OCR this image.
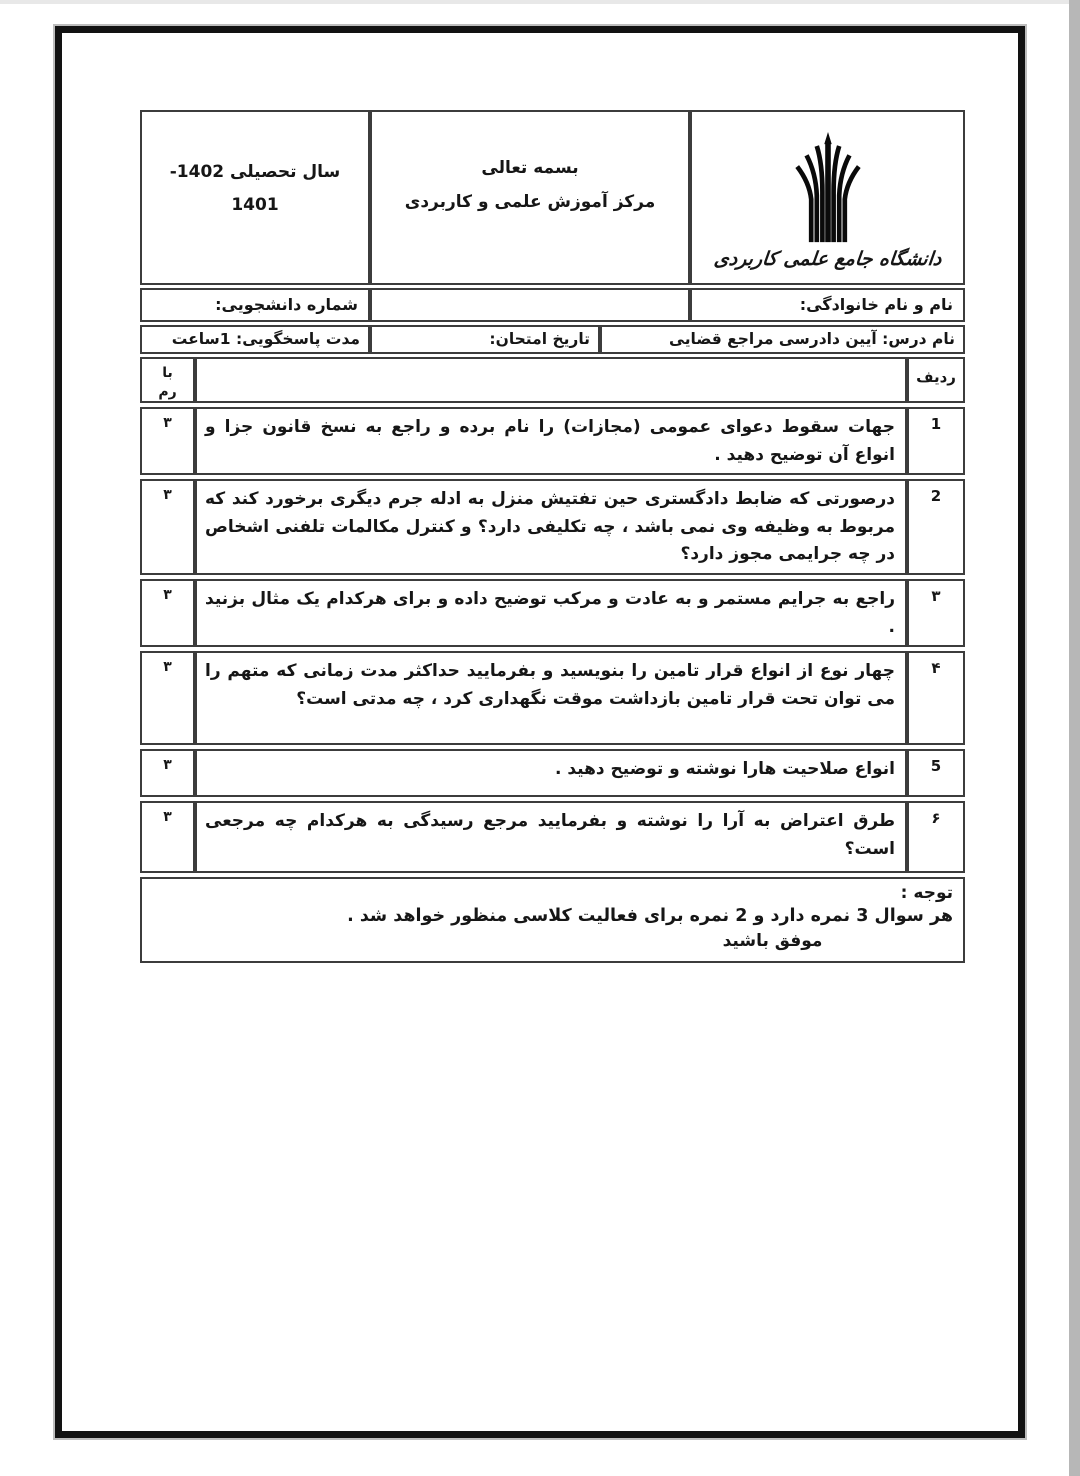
دانشگاه جامع علمی کاربردی
بسمه تعالی
مرکز آموزش علمی و کاربردی
سال تحصیلی 1402-
1401
نام و نام خانوادگی:
شماره دانشجویی:
نام درس: آیین دادرسی مراجع قضایی
تاریخ امتحان:
مدت پاسخگویی: 1ساعت
ردیف
با
رم
1
جهات سقوط دعوای عمومی (مجازات) را نام برده و راجع به نسخ قانون جزا و انواع آن توضیح دهید .
۳
2
درصورتی که ضابط دادگستری حین تفتیش منزل به ادله جرم دیگری برخورد کند که مربوط به وظیفه وی نمی باشد ، چه تکلیفی دارد؟ و کنترل مکالمات تلفنی اشخاص در چه جرایمی مجوز دارد؟
۳
۳
راجع به جرایم مستمر و به عادت و مرکب توضیح داده و برای هرکدام یک مثال بزنید .
۳
۴
چهار نوع از انواع قرار تامین را بنویسید و بفرمایید حداکثر مدت زمانی که متهم را می توان تحت قرار تامین بازداشت موقت نگهداری کرد ، چه مدتی است؟
۳
5
انواع صلاحیت هارا نوشته و توضیح دهید .
۳
۶
طرق اعتراض به آرا را نوشته و بفرمایید مرجع رسیدگی به هرکدام چه مرجعی است؟
۳
توجه :
هر سوال 3 نمره دارد و 2 نمره برای فعالیت کلاسی منظور خواهد شد .
موفق باشید
